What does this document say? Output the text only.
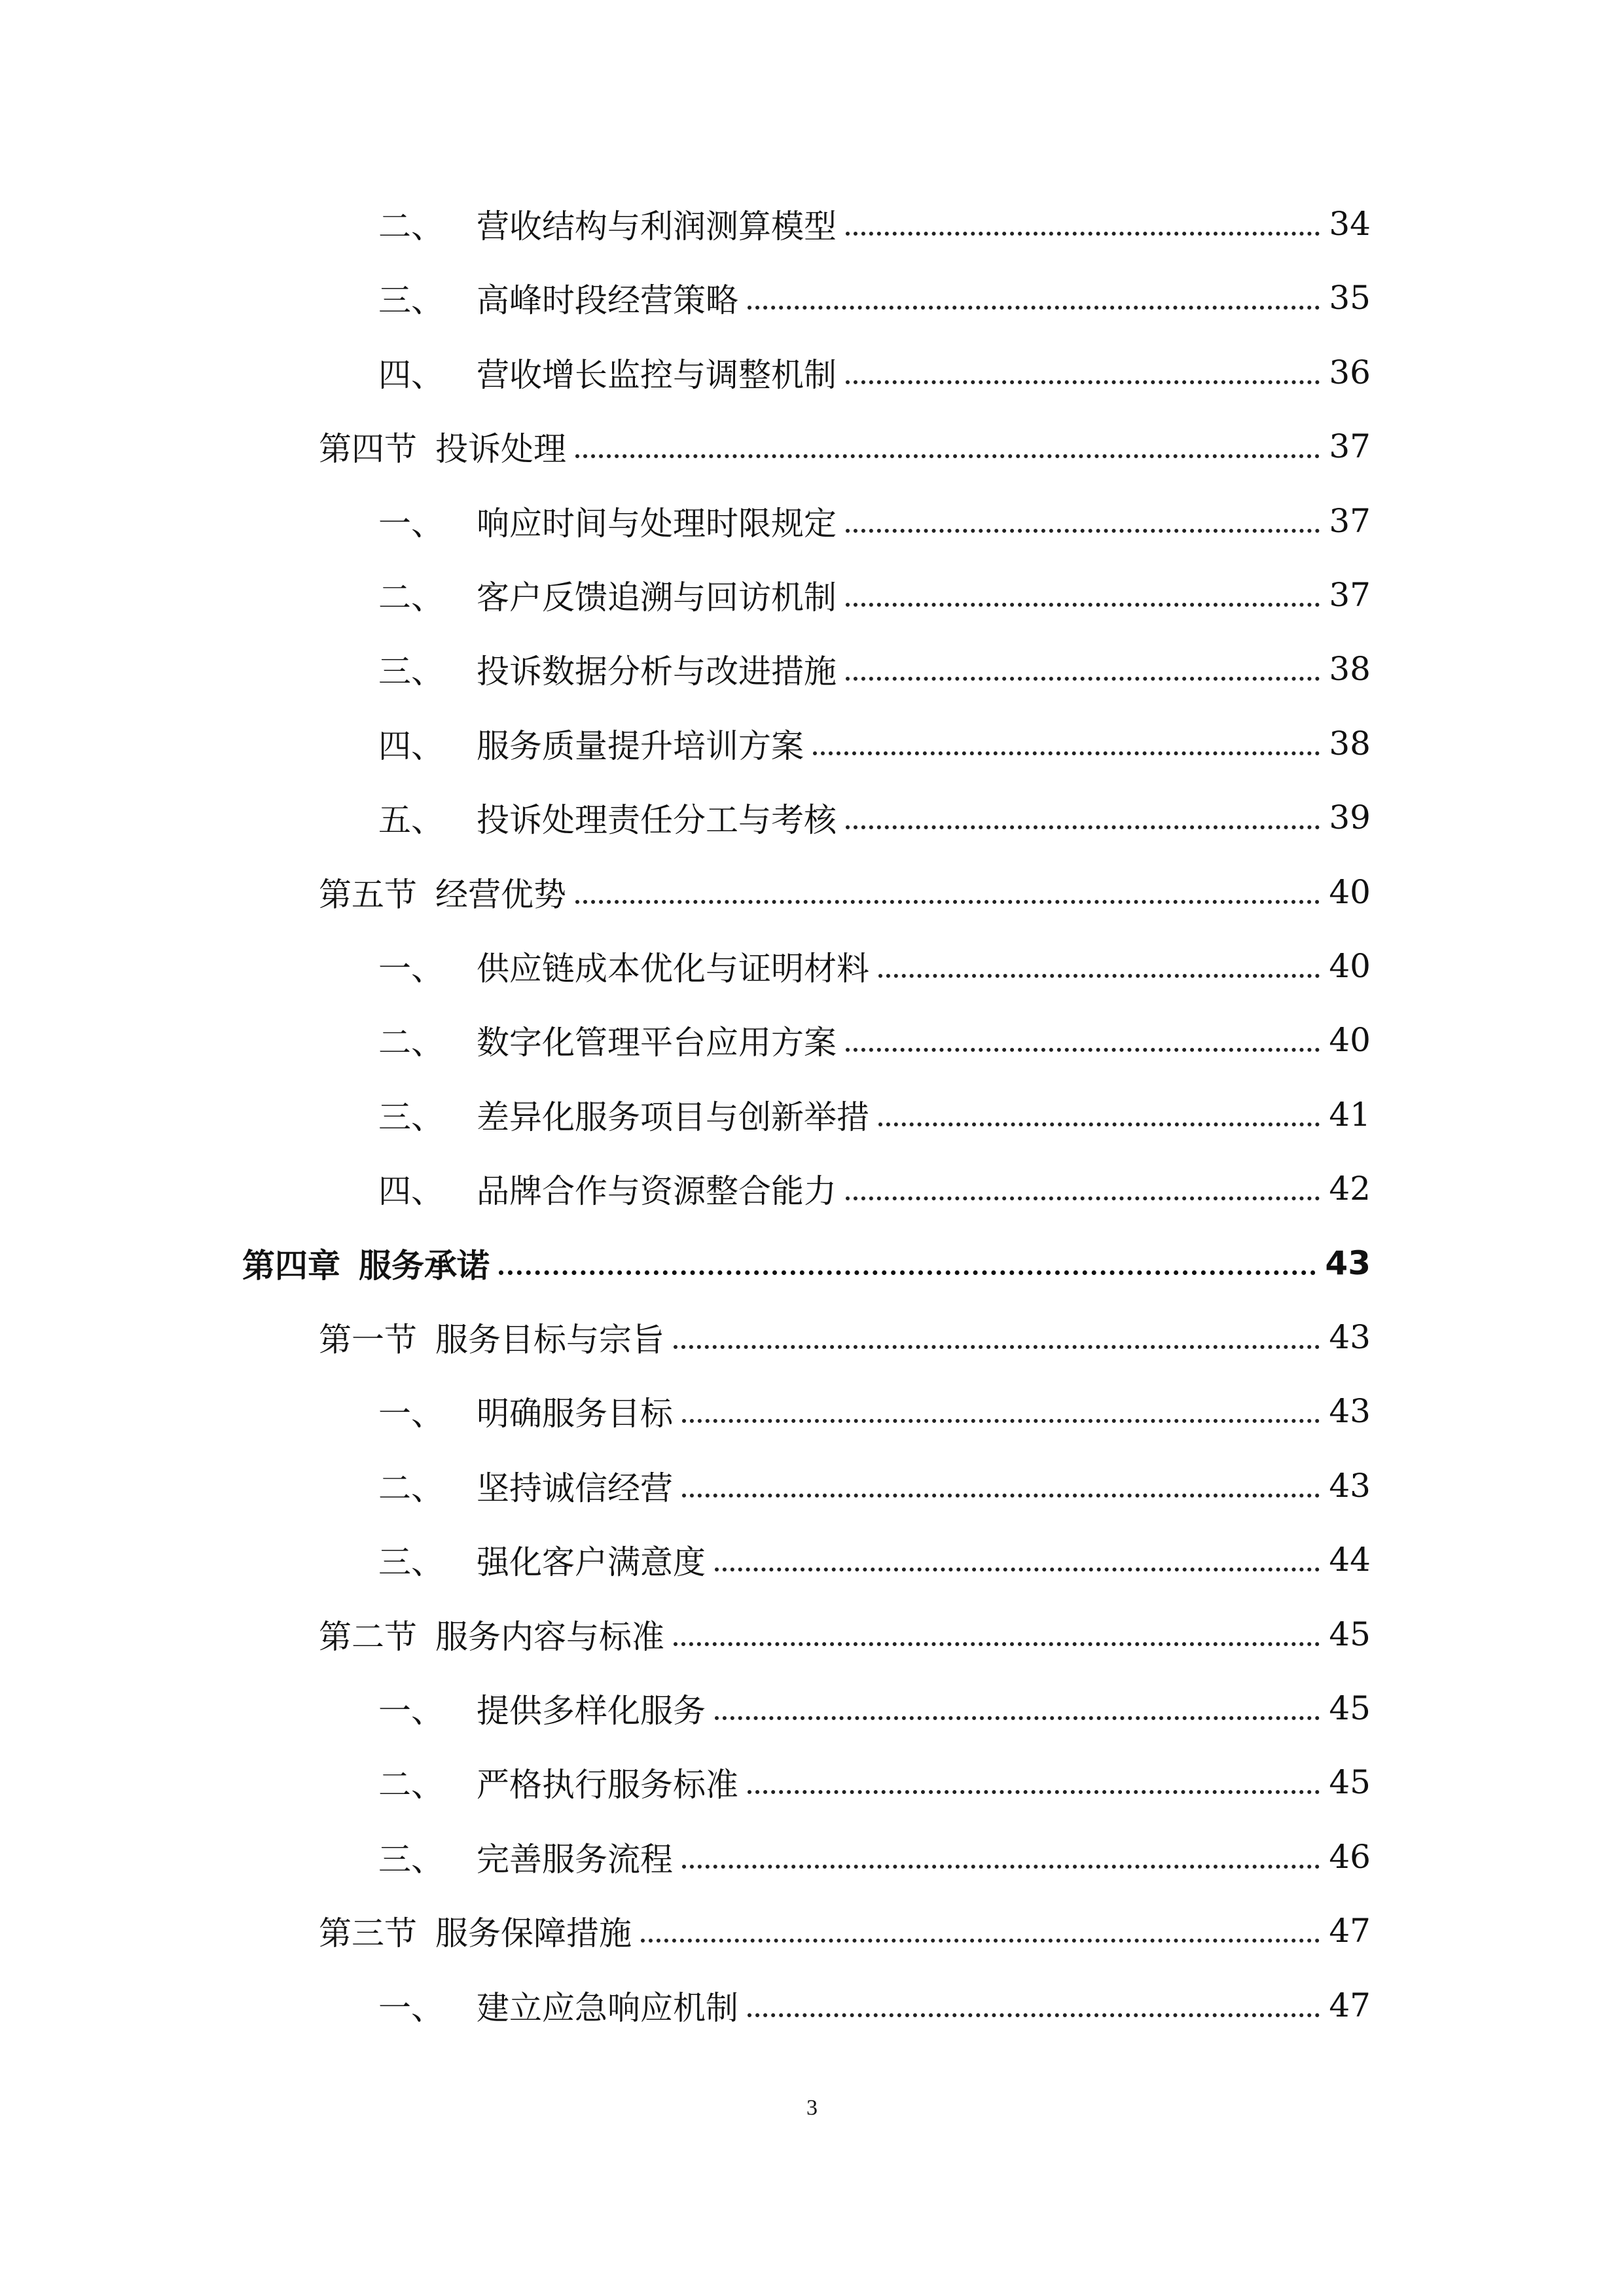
二、	营收结构与利润测算模型	34
三、	高峰时段经营策略	35
四、	营收增长监控与调整机制	36
第四节 投诉处理	37
一、	响应时间与处理时限规定	37
二、	客户反馈追溯与回访机制	37
三、	投诉数据分析与改进措施	38
四、	服务质量提升培训方案	38
五、	投诉处理责任分工与考核	39
第五节 经营优势	40
一、	供应链成本优化与证明材料	40
二、	数字化管理平台应用方案	40
三、	差异化服务项目与创新举措	41
四、	品牌合作与资源整合能力	42
第四章 服务承诺	43
第一节 服务目标与宗旨	43
一、	明确服务目标	43
二、	坚持诚信经营	43
三、	强化客户满意度	44
第二节 服务内容与标准	45
一、	提供多样化服务	45
二、	严格执行服务标准	45
三、	完善服务流程	46
第三节 服务保障措施	47
一、	建立应急响应机制	47
3
